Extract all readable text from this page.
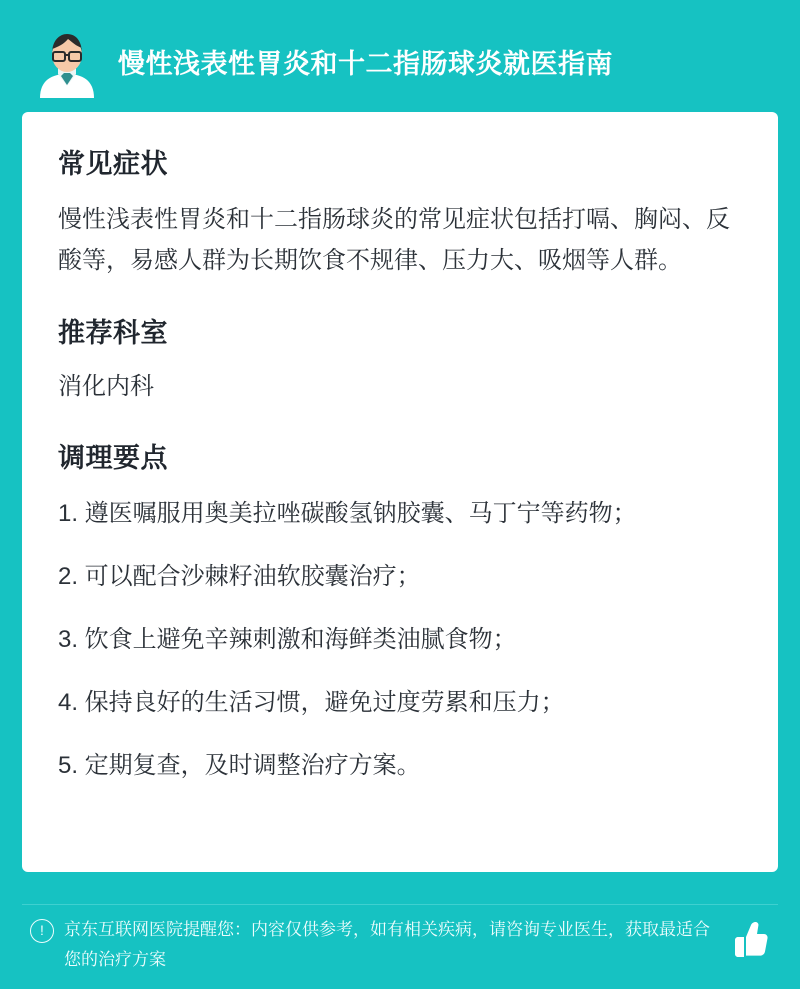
慢性浅表性胃炎和十二指肠球炎就医指南
常见症状

慢性浅表性胃炎和十二指肠球炎的常见症状包括打嗝、胸闷、反酸等，易感人群为长期饮食不规律、压力大、吸烟等人群。

推荐科室

消化内科

调理要点
1. 遵医嘱服用奥美拉唑碳酸氢钠胶囊、马丁宁等药物；
2. 可以配合沙棘籽油软胶囊治疗；
3. 饮食上避免辛辣刺激和海鲜类油腻食物；
4. 保持良好的生活习惯，避免过度劳累和压力；
5. 定期复查，及时调整治疗方案。
!	京东互联网医院提醒您：内容仅供参考，如有相关疾病，请咨询专业医生，获取最适合您的治疗方案
